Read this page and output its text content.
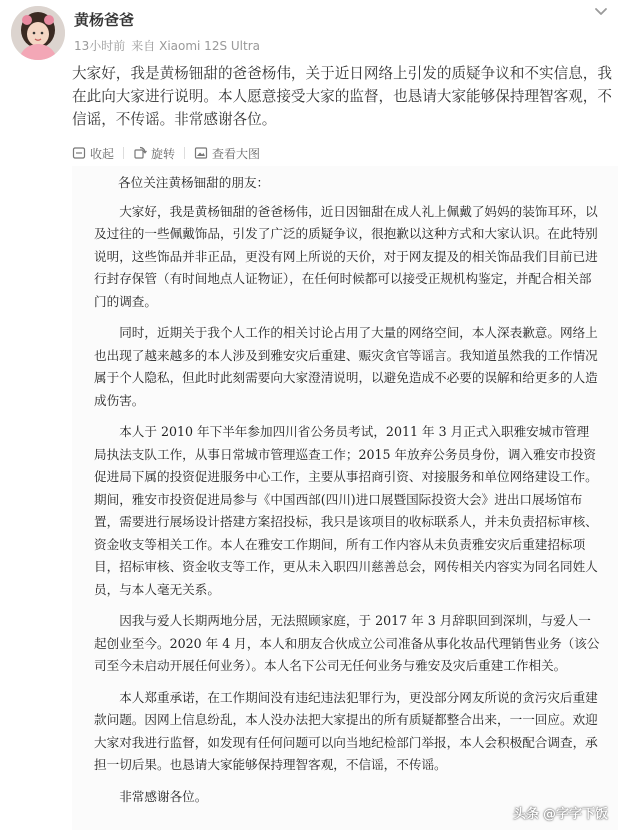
黄杨爸爸
13小时前 来自 Xiaomi 12S Ultra
大家好，我是黄杨钿甜的爸爸杨伟，关于近日网络上引发的质疑争议和不实信息，我在此向大家进行说明。本人愿意接受大家的监督，也恳请大家能够保持理智客观，不信谣，不传谣。非常感谢各位。
收起	旋转	查看大图

各位关注黄杨钿甜的朋友：

大家好，我是黄杨钿甜的爸爸杨伟，近日因钿甜在成人礼上佩戴了妈妈的装饰耳环，以及过往的一些佩戴饰品，引发了广泛的质疑争议，很抱歉以这种方式和大家认识。在此特别说明，这些饰品并非正品，更没有网上所说的天价，对于网友提及的相关饰品我们目前已进行封存保管（有时间地点人证物证），在任何时候都可以接受正规机构鉴定，并配合相关部门的调查。

同时，近期关于我个人工作的相关讨论占用了大量的网络空间，本人深表歉意。网络上也出现了越来越多的本人涉及到雅安灾后重建、赈灾贪官等谣言。我知道虽然我的工作情况属于个人隐私，但此时此刻需要向大家澄清说明，以避免造成不必要的误解和给更多的人造成伤害。

本人于 2010 年下半年参加四川省公务员考试，2011 年 3 月正式入职雅安城市管理局执法支队工作，从事日常城市管理巡查工作；2015 年放弃公务员身份，调入雅安市投资促进局下属的投资促进服务中心工作，主要从事招商引资、对接服务和单位网络建设工作。期间，雅安市投资促进局参与《中国西部(四川)进口展暨国际投资大会》进出口展场馆布置，需要进行展场设计搭建方案招投标，我只是该项目的收标联系人，并未负责招标审核、资金收支等相关工作。本人在雅安工作期间，所有工作内容从未负责雅安灾后重建招标项目，招标审核、资金收支等工作，更从未入职四川慈善总会，网传相关内容实为同名同姓人员，与本人毫无关系。

因我与爱人长期两地分居，无法照顾家庭，于 2017 年 3 月辞职回到深圳，与爱人一起创业至今。2020 年 4 月，本人和朋友合伙成立公司准备从事化妆品代理销售业务（该公司至今未启动开展任何业务）。本人名下公司无任何业务与雅安及灾后重建工作相关。

本人郑重承诺，在工作期间没有违纪违法犯罪行为，更没部分网友所说的贪污灾后重建款问题。因网上信息纷乱，本人没办法把大家提出的所有质疑都整合出来，一一回应。欢迎大家对我进行监督，如发现有任何问题可以向当地纪检部门举报，本人会积极配合调查，承担一切后果。也恳请大家能够保持理智客观，不信谣，不传谣。

非常感谢各位。

头条 @字字下饭
